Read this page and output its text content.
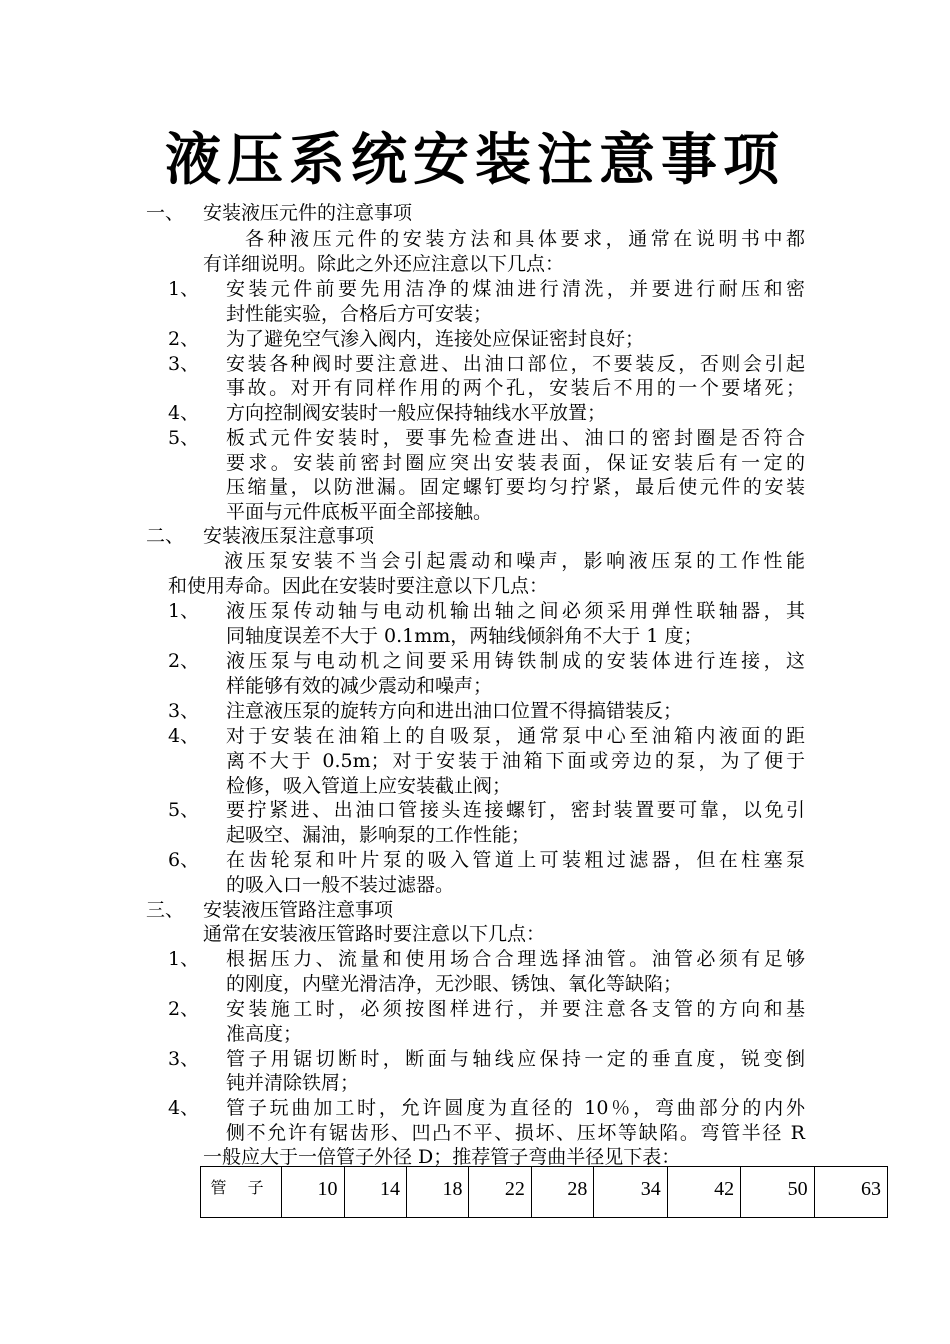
液压系统安装注意事项
一、 安装液压元件的注意事项
各种液压元件的安装方法和具体要求，通常在说明书中都
有详细说明。除此之外还应注意以下几点：
1、 安装元件前要先用洁净的煤油进行清洗，并要进行耐压和密
封性能实验，合格后方可安装；
2、 为了避免空气渗入阀内，连接处应保证密封良好；
3、 安装各种阀时要注意进、出油口部位，不要装反，否则会引起
事故。对开有同样作用的两个孔，安装后不用的一个要堵死；
4、 方向控制阀安装时一般应保持轴线水平放置；
5、 板式元件安装时，要事先检查进出、油口的密封圈是否符合
要求。安装前密封圈应突出安装表面，保证安装后有一定的
压缩量，以防泄漏。固定螺钉要均匀拧紧，最后使元件的安装
平面与元件底板平面全部接触。
二、 安装液压泵注意事项
液压泵安装不当会引起震动和噪声，影响液压泵的工作性能
和使用寿命。因此在安装时要注意以下几点：
1、 液压泵传动轴与电动机输出轴之间必须采用弹性联轴器，其
同轴度误差不大于 0.1mm，两轴线倾斜角不大于 1 度；
2、 液压泵与电动机之间要采用铸铁制成的安装体进行连接，这
样能够有效的减少震动和噪声；
3、 注意液压泵的旋转方向和进出油口位置不得搞错装反；
4、 对于安装在油箱上的自吸泵，通常泵中心至油箱内液面的距
离不大于 0.5m；对于安装于油箱下面或旁边的泵，为了便于
检修，吸入管道上应安装截止阀；
5、 要拧紧进、出油口管接头连接螺钉，密封装置要可靠，以免引
起吸空、漏油，影响泵的工作性能；
6、 在齿轮泵和叶片泵的吸入管道上可装粗过滤器，但在柱塞泵
的吸入口一般不装过滤器。
三、 安装液压管路注意事项
通常在安装液压管路时要注意以下几点：
1、 根据压力、流量和使用场合合理选择油管。油管必须有足够
的刚度，内壁光滑洁净，无沙眼、锈蚀、氧化等缺陷；
2、 安装施工时，必须按图样进行，并要注意各支管的方向和基
准高度；
3、 管子用锯切断时，断面与轴线应保持一定的垂直度，锐变倒
钝并清除铁屑；
4、 管子玩曲加工时，允许圆度为直径的 10％，弯曲部分的内外
侧不允许有锯齿形、凹凸不平、损坏、压坏等缺陷。弯管半径 R
一般应大于一倍管子外径 D；推荐管子弯曲半径见下表：
管 子	10	14	18	22	28	34	42	50	63
